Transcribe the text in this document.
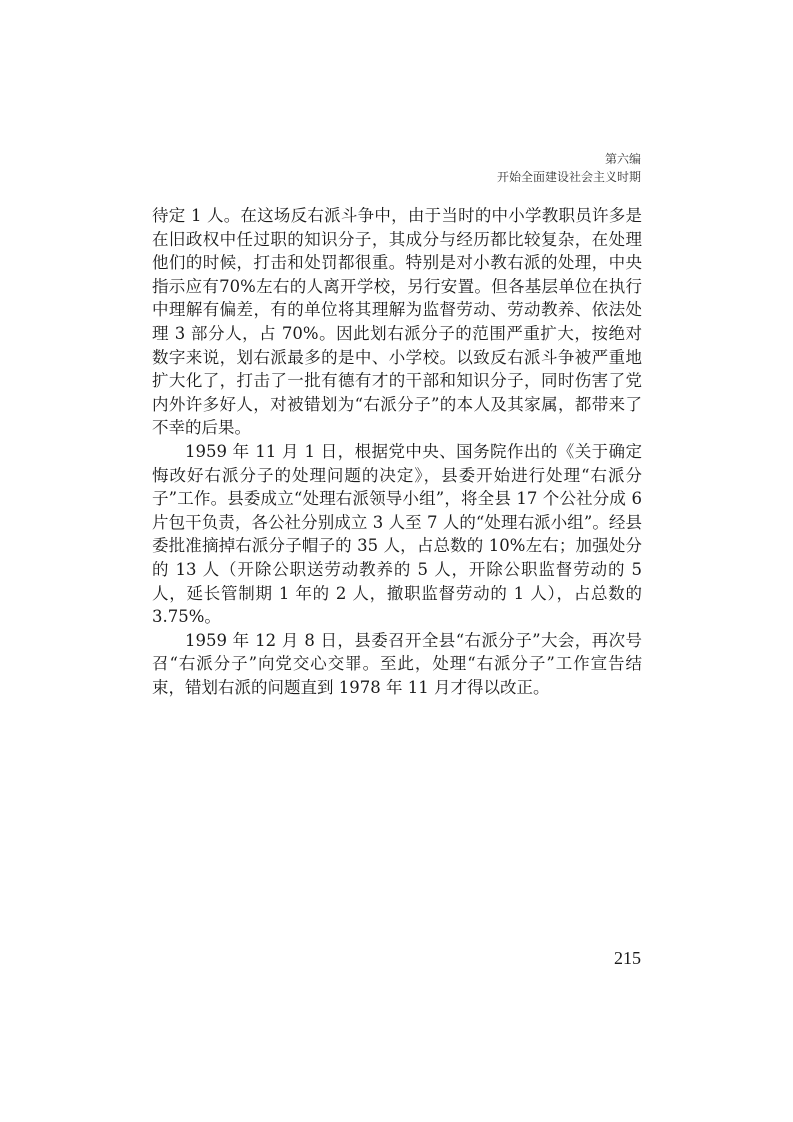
第六编
开始全面建设社会主义时期

待定 1 人。在这场反右派斗争中，由于当时的中小学教职员许多是在旧政权中任过职的知识分子，其成分与经历都比较复杂，在处理他们的时候，打击和处罚都很重。特别是对小教右派的处理，中央指示应有70%左右的人离开学校，另行安置。但各基层单位在执行中理解有偏差，有的单位将其理解为监督劳动、劳动教养、依法处理 3 部分人，占 70%。因此划右派分子的范围严重扩大，按绝对数字来说，划右派最多的是中、小学校。以致反右派斗争被严重地扩大化了，打击了一批有德有才的干部和知识分子，同时伤害了党内外许多好人，对被错划为“右派分子”的本人及其家属，都带来了不幸的后果。

1959 年 11 月 1 日，根据党中央、国务院作出的《关于确定悔改好右派分子的处理问题的决定》，县委开始进行处理“右派分子”工作。县委成立“处理右派领导小组”，将全县 17 个公社分成 6 片包干负责，各公社分别成立 3 人至 7 人的“处理右派小组”。经县委批准摘掉右派分子帽子的 35 人，占总数的 10%左右；加强处分的 13 人（开除公职送劳动教养的 5 人，开除公职监督劳动的 5 人，延长管制期 1 年的 2 人，撤职监督劳动的 1 人），占总数的 3.75%。

1959 年 12 月 8 日，县委召开全县“右派分子”大会，再次号召“右派分子”向党交心交罪。至此，处理“右派分子”工作宣告结束，错划右派的问题直到 1978 年 11 月才得以改正。

215
